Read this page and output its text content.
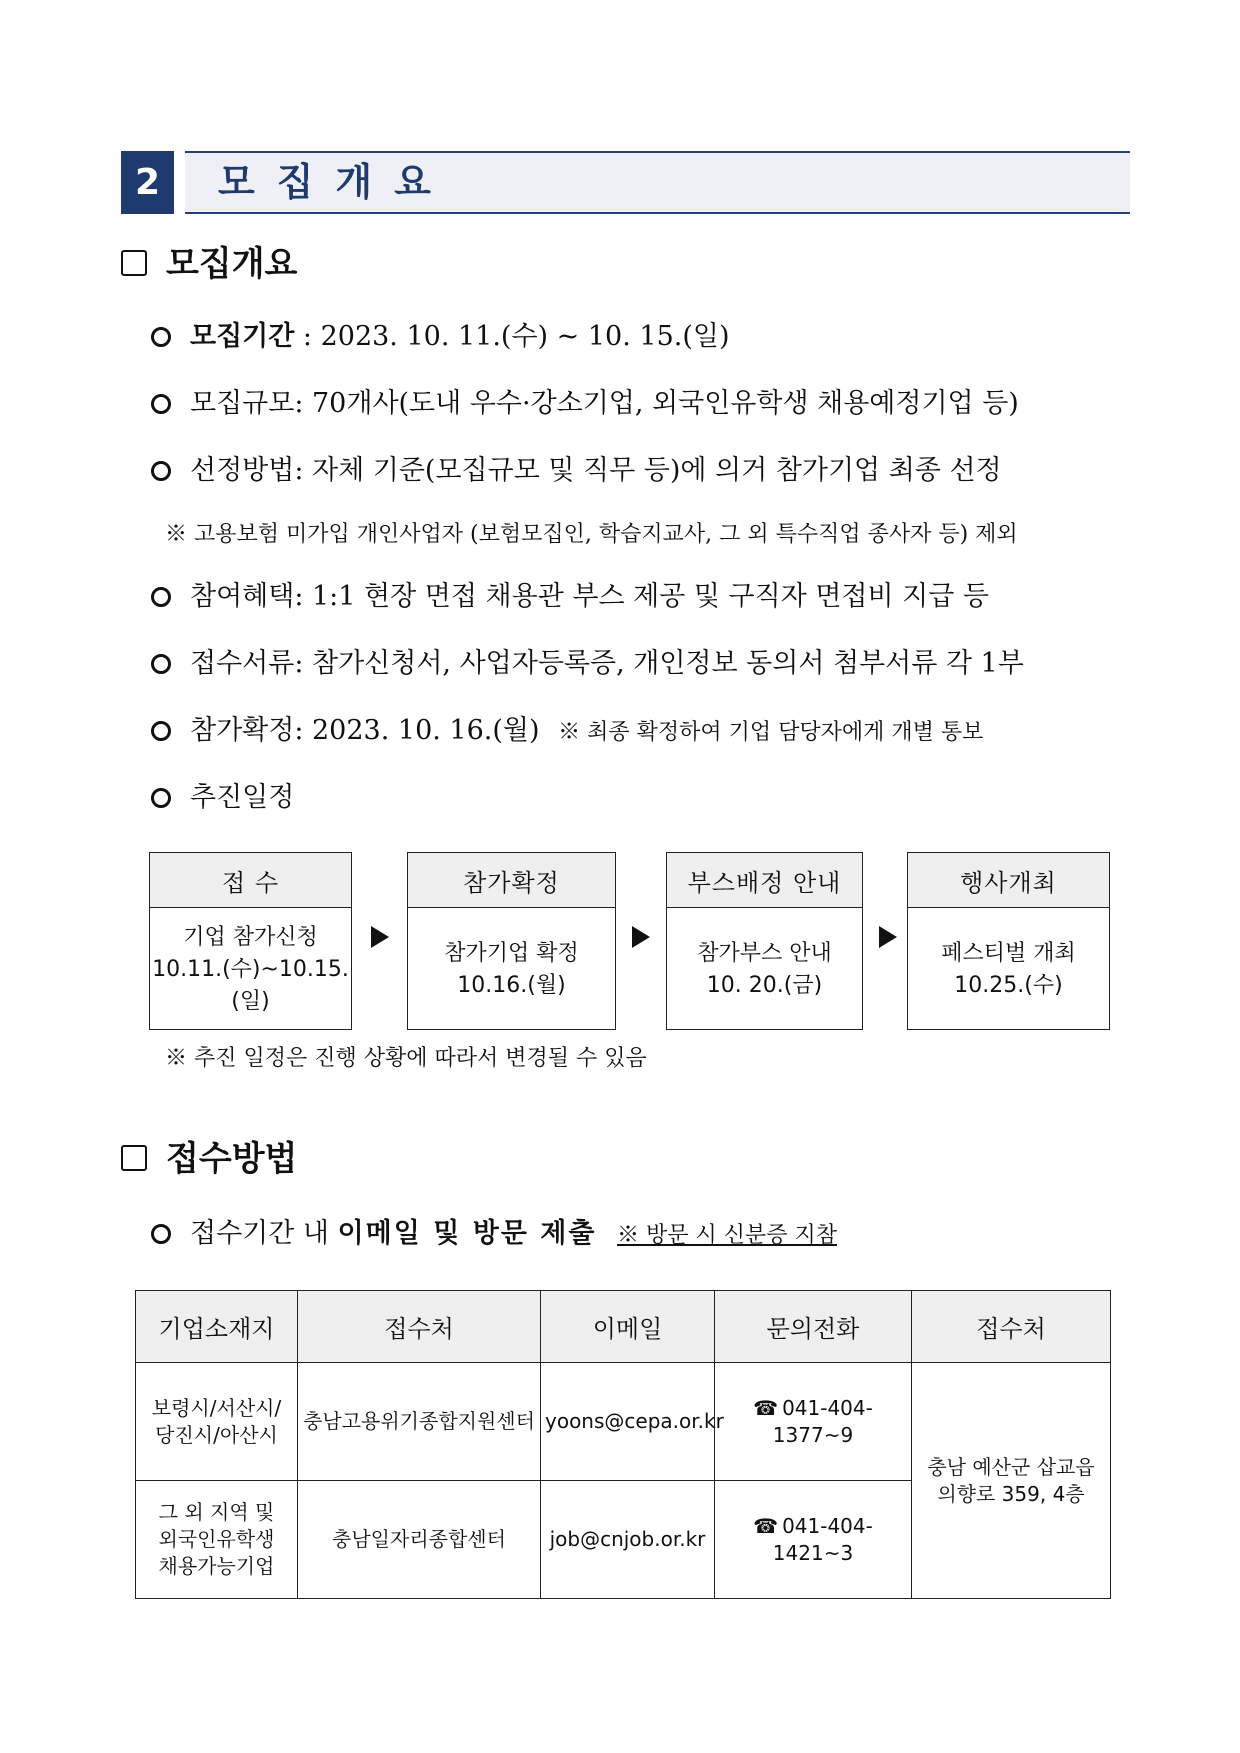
2	모집개요
모집개요
모집기간 : 2023. 10. 11.(수) ~ 10. 15.(일)
모집규모: 70개사(도내 우수·강소기업, 외국인유학생 채용예정기업 등)
선정방법: 자체 기준(모집규모 및 직무 등)에 의거 참가기업 최종 선정
※ 고용보험 미가입 개인사업자 (보험모집인, 학습지교사, 그 외 특수직업 종사자 등) 제외
참여혜택: 1:1 현장 면접 채용관 부스 제공 및 구직자 면접비 지급 등
접수서류: 참가신청서, 사업자등록증, 개인정보 동의서 첨부서류 각 1부
참가확정: 2023. 10. 16.(월) ※ 최종 확정하여 기업 담당자에게 개별 통보
추진일정
접 수
기업 참가신청
10.11.(수)~10.15.(일)
참가확정
참가기업 확정
10.16.(월)
부스배정 안내
참가부스 안내
10. 20.(금)
행사개최
페스티벌 개최
10.25.(수)
※ 추진 일정은 진행 상황에 따라서 변경될 수 있음
접수방법
접수기간 내 이메일 및 방문 제출 ※ 방문 시 신분증 지참
기업소재지	접수처	이메일	문의전화	접수처
보령시/서산시/
당진시/아산시	충남고용위기종합지원센터	yoons@cepa.or.kr	☎ 041-404-1377~9	충남 예산군 삽교읍
의향로 359, 4층
그 외 지역 및
외국인유학생
채용가능기업	충남일자리종합센터	job@cnjob.or.kr	☎ 041-404-1421~3	
